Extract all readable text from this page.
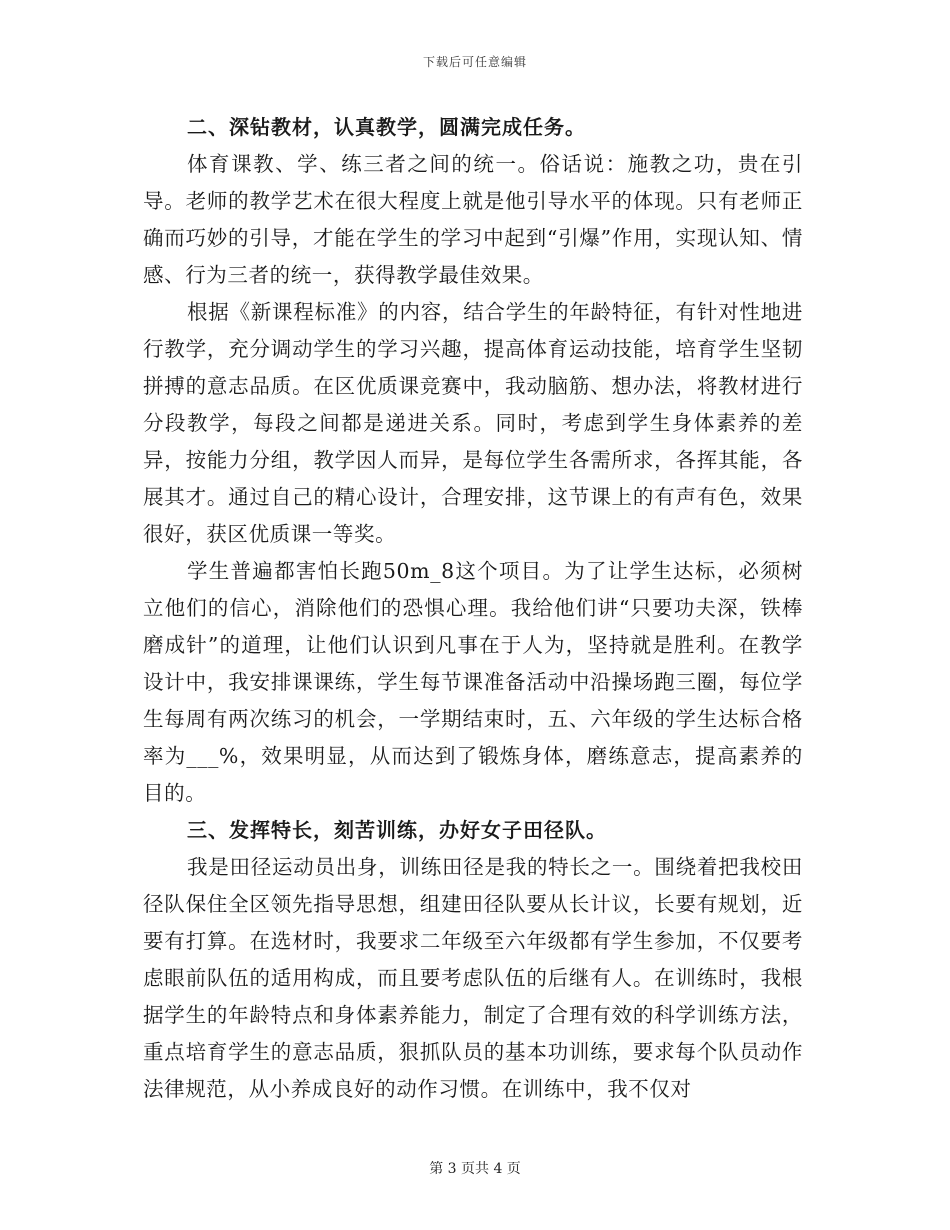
下载后可任意编辑
二、深钻教材，认真教学，圆满完成任务。

体育课教、学、练三者之间的统一。俗话说：施教之功，贵在引导。老师的教学艺术在很大程度上就是他引导水平的体现。只有老师正确而巧妙的引导，才能在学生的学习中起到“引爆”作用，实现认知、情感、行为三者的统一，获得教学最佳效果。

根据《新课程标准》的内容，结合学生的年龄特征，有针对性地进行教学，充分调动学生的学习兴趣，提高体育运动技能，培育学生坚韧拼搏的意志品质。在区优质课竞赛中，我动脑筋、想办法，将教材进行分段教学，每段之间都是递进关系。同时，考虑到学生身体素养的差异，按能力分组，教学因人而异，是每位学生各需所求，各挥其能，各展其才。通过自己的精心设计，合理安排，这节课上的有声有色，效果很好，获区优质课一等奖。

学生普遍都害怕长跑50m_8这个项目。为了让学生达标，必须树立他们的信心，消除他们的恐惧心理。我给他们讲“只要功夫深，铁棒磨成针”的道理，让他们认识到凡事在于人为，坚持就是胜利。在教学设计中，我安排课课练，学生每节课准备活动中沿操场跑三圈，每位学生每周有两次练习的机会，一学期结束时，五、六年级的学生达标合格率为___%，效果明显，从而达到了锻炼身体，磨练意志，提高素养的目的。

三、发挥特长，刻苦训练，办好女子田径队。

我是田径运动员出身，训练田径是我的特长之一。围绕着把我校田径队保住全区领先指导思想，组建田径队要从长计议，长要有规划，近要有打算。在选材时，我要求二年级至六年级都有学生参加，不仅要考虑眼前队伍的适用构成，而且要考虑队伍的后继有人。在训练时，我根据学生的年龄特点和身体素养能力，制定了合理有效的科学训练方法，重点培育学生的意志品质，狠抓队员的基本功训练，要求每个队员动作法律规范，从小养成良好的动作习惯。在训练中，我不仅对

第 3 页共 4 页
